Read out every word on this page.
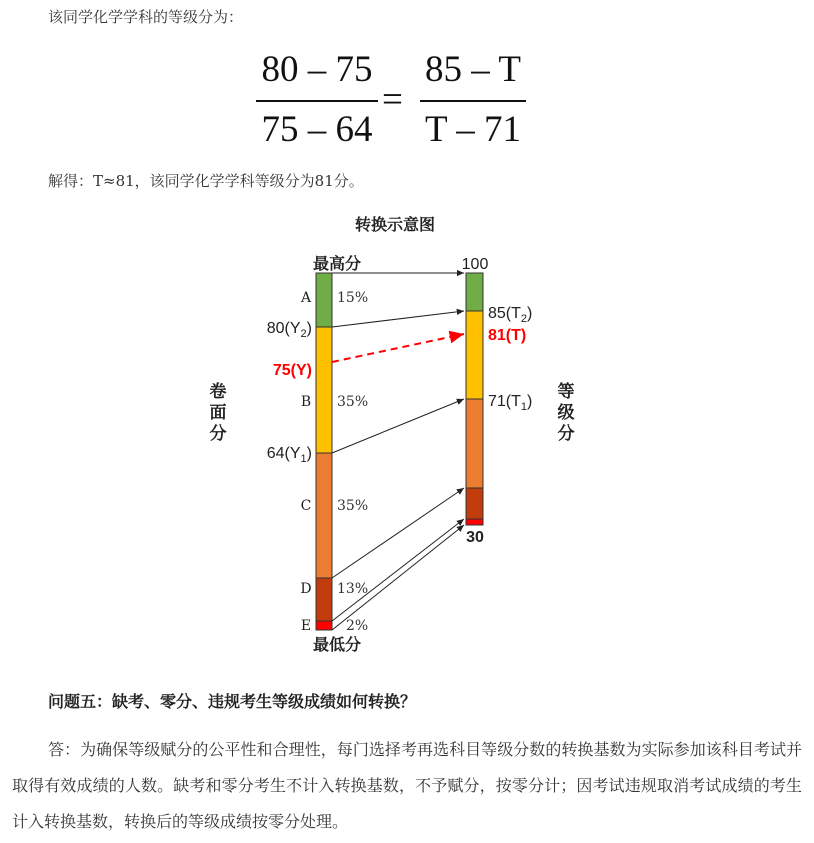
该同学化学学科的等级分为：
80 – 75
75 – 64
=
85 – T
T – 71
解得：T≈81，该同学化学学科等级分为81分。
转换示意图
卷
面
分
等
级
分
A
B
C
D
E
15%
35%
35%
13%
2%
最高分
最低分
$80(Y_2)$
75(Y)
$64(Y_1)$
100
$85(T_2)$
81(T)
$71(T_1)$
30
问题五：缺考、零分、违规考生等级成绩如何转换？
答：为确保等级赋分的公平性和合理性，每门选择考再选科目等级分数的转换基数为实际参加该科目考试并取得有效成绩的人数。缺考和零分考生不计入转换基数，不予赋分，按零分计；因考试违规取消考试成绩的考生计入转换基数，转换后的等级成绩按零分处理。
